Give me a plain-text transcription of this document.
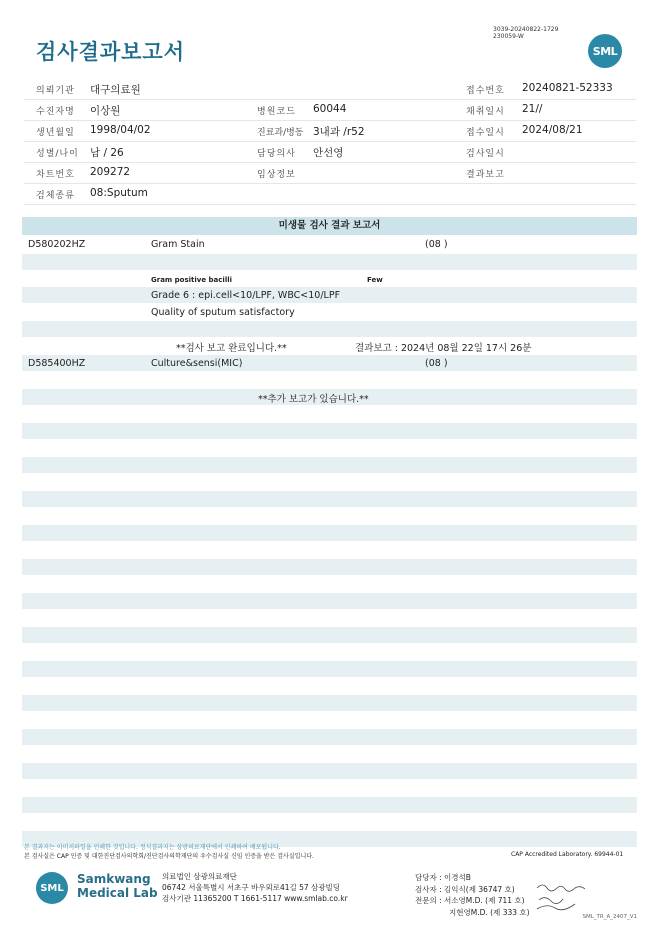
검사결과보고서
3039-20240822-1729
230059-W
SML
의뢰기관 대구의료원	접수번호 20240821-52333
수진자명 이상원	병원코드 60044	채취일시 21//
생년월일 1998/04/02	진료과/병동 3내과 /r52	접수일시 2024/08/21
성별/나이 남 / 26	담당의사 안선영	검사일시
차트번호 209272	임상정보	결과보고
검체종류 08:Sputum
미생물 검사 결과 보고서
D580202HZ	Gram Stain	(08 )
Gram positive bacilli	Few
Grade 6 : epi.cell<10/LPF, WBC<10/LPF
Quality of sputum satisfactory
**검사 보고 완료입니다.**	결과보고 : 2024년 08월 22일 17시 26분
D585400HZ	Culture&sensi(MIC)	(08 )
**추가 보고가 있습니다.**
본 결과지는 이미지파일을 인쇄한 것입니다. 정식결과지는 삼광의료재단에서 인쇄하여 배포됩니다.
본 검사실은 CAP 인증 및 대한진단검사의학회/진단검사의학재단의 우수검사실 신임 인증을 받은 검사실입니다.	CAP Accredited Laboratory. 69944-01
SML
Samkwang
Medical Lab
의료법인 삼광의료재단
06742 서울특별시 서초구 바우뫼로41길 57 삼광빌딩
검사기관 11365200 T 1661-5117 www.smlab.co.kr
담당자 : 이경석B
검사자 : 김익식(제 36747 호)
전문의 : 서소영M.D. (제 711 호)
지현영M.D. (제 333 호)
SML_TR_A_2407_V1
